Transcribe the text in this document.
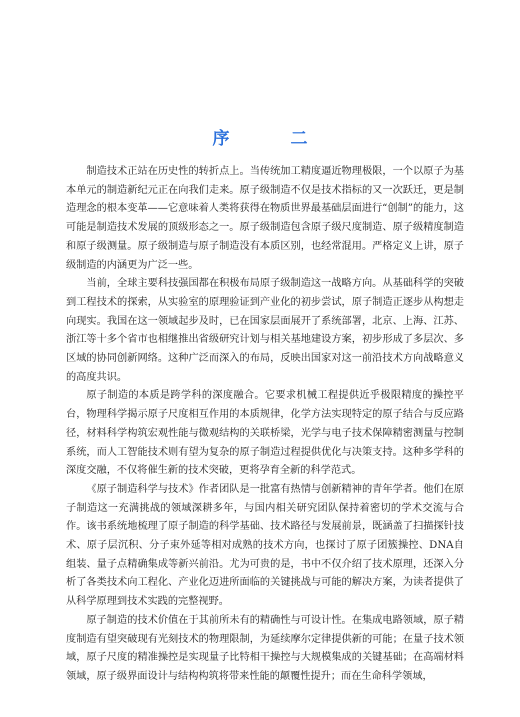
序　二

制造技术正站在历史性的转折点上。当传统加工精度逼近物理极限，一个以原子为基本单元的制造新纪元正在向我们走来。原子级制造不仅是技术指标的又一次跃迁，更是制造理念的根本变革——它意味着人类将获得在物质世界最基础层面进行“创制”的能力，这可能是制造技术发展的顶级形态之一。原子级制造包含原子级尺度制造、原子级精度制造和原子级测量。原子级制造与原子制造没有本质区别，也经常混用。严格定义上讲，原子级制造的内涵更为广泛一些。

当前，全球主要科技强国都在积极布局原子级制造这一战略方向。从基础科学的突破到工程技术的探索，从实验室的原理验证到产业化的初步尝试，原子制造正逐步从构想走向现实。我国在这一领域起步及时，已在国家层面展开了系统部署，北京、上海、江苏、浙江等十多个省市也相继推出省级研究计划与相关基地建设方案，初步形成了多层次、多区域的协同创新网络。这种广泛而深入的布局，反映出国家对这一前沿技术方向战略意义的高度共识。

原子制造的本质是跨学科的深度融合。它要求机械工程提供近乎极限精度的操控平台，物理科学揭示原子尺度相互作用的本质规律，化学方法实现特定的原子结合与反应路径，材料科学构筑宏观性能与微观结构的关联桥梁，光学与电子技术保障精密测量与控制系统，而人工智能技术则有望为复杂的原子制造过程提供优化与决策支持。这种多学科的深度交融，不仅将催生新的技术突破，更将孕育全新的科学范式。

《原子制造科学与技术》作者团队是一批富有热情与创新精神的青年学者。他们在原子制造这一充满挑战的领域深耕多年，与国内相关研究团队保持着密切的学术交流与合作。该书系统地梳理了原子制造的科学基础、技术路径与发展前景，既涵盖了扫描探针技术、原子层沉积、分子束外延等相对成熟的技术方向，也探讨了原子团簇操控、DNA自组装、量子点精确集成等新兴前沿。尤为可贵的是，书中不仅介绍了技术原理，还深入分析了各类技术向工程化、产业化迈进所面临的关键挑战与可能的解决方案，为读者提供了从科学原理到技术实践的完整视野。

原子制造的技术价值在于其前所未有的精确性与可设计性。在集成电路领域，原子精度制造有望突破现有光刻技术的物理限制，为延续摩尔定律提供新的可能；在量子技术领域，原子尺度的精准操控是实现量子比特相干操控与大规模集成的关键基础；在高端材料领域，原子级界面设计与结构构筑将带来性能的颠覆性提升；而在生命科学领域，
